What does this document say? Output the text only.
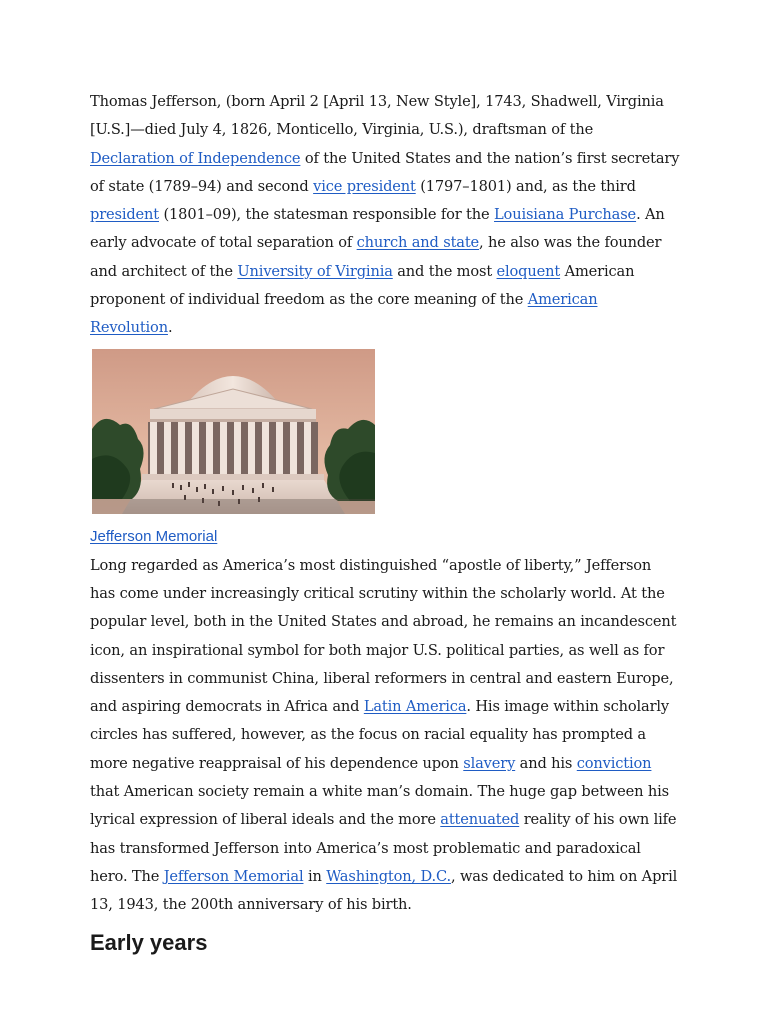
Thomas Jefferson, (born April 2 [April 13, New Style], 1743, Shadwell, Virginia [U.S.]—died July 4, 1826, Monticello, Virginia, U.S.), draftsman of the Declaration of Independence of the United States and the nation’s first secretary of state (1789–94) and second vice president (1797–1801) and, as the third president (1801–09), the statesman responsible for the Louisiana Purchase. An early advocate of total separation of church and state, he also was the founder and architect of the University of Virginia and the most eloquent American proponent of individual freedom as the core meaning of the American Revolution.

Jefferson Memorial

Long regarded as America’s most distinguished “apostle of liberty,” Jefferson has come under increasingly critical scrutiny within the scholarly world. At the popular level, both in the United States and abroad, he remains an incandescent icon, an inspirational symbol for both major U.S. political parties, as well as for dissenters in communist China, liberal reformers in central and eastern Europe, and aspiring democrats in Africa and Latin America. His image within scholarly circles has suffered, however, as the focus on racial equality has prompted a more negative reappraisal of his dependence upon slavery and his conviction that American society remain a white man’s domain. The huge gap between his lyrical expression of liberal ideals and the more attenuated reality of his own life has transformed Jefferson into America’s most problematic and paradoxical hero. The Jefferson Memorial in Washington, D.C., was dedicated to him on April 13, 1943, the 200th anniversary of his birth.

Early years
